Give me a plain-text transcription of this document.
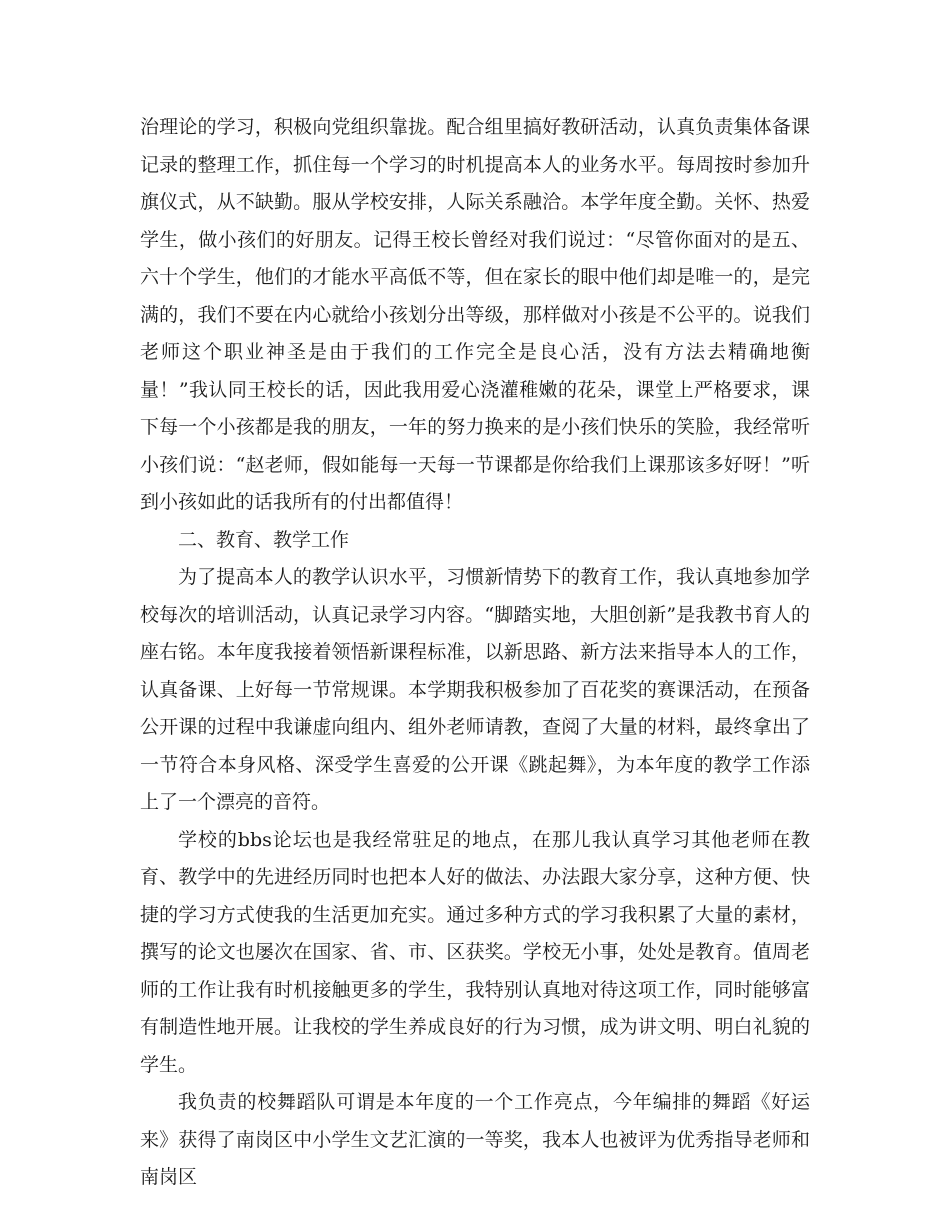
治理论的学习，积极向党组织靠拢。配合组里搞好教研活动，认真负责集体备课记录的整理工作，抓住每一个学习的时机提高本人的业务水平。每周按时参加升旗仪式，从不缺勤。服从学校安排，人际关系融洽。本学年度全勤。关怀、热爱学生，做小孩们的好朋友。记得王校长曾经对我们说过：“尽管你面对的是五、六十个学生，他们的才能水平高低不等，但在家长的眼中他们却是唯一的，是完满的，我们不要在内心就给小孩划分出等级，那样做对小孩是不公平的。说我们老师这个职业神圣是由于我们的工作完全是良心活，没有方法去精确地衡量！”我认同王校长的话，因此我用爱心浇灌稚嫩的花朵，课堂上严格要求，课下每一个小孩都是我的朋友，一年的努力换来的是小孩们快乐的笑脸，我经常听小孩们说：“赵老师，假如能每一天每一节课都是你给我们上课那该多好呀！”听到小孩如此的话我所有的付出都值得！

二、教育、教学工作

为了提高本人的教学认识水平，习惯新情势下的教育工作，我认真地参加学校每次的培训活动，认真记录学习内容。“脚踏实地，大胆创新”是我教书育人的座右铭。本年度我接着领悟新课程标准，以新思路、新方法来指导本人的工作，认真备课、上好每一节常规课。本学期我积极参加了百花奖的赛课活动，在预备公开课的过程中我谦虚向组内、组外老师请教，查阅了大量的材料，最终拿出了一节符合本身风格、深受学生喜爱的公开课《跳起舞》，为本年度的教学工作添上了一个漂亮的音符。

学校的bbs论坛也是我经常驻足的地点，在那儿我认真学习其他老师在教育、教学中的先进经历同时也把本人好的做法、办法跟大家分享，这种方便、快捷的学习方式使我的生活更加充实。通过多种方式的学习我积累了大量的素材，撰写的论文也屡次在国家、省、市、区获奖。学校无小事，处处是教育。值周老师的工作让我有时机接触更多的学生，我特别认真地对待这项工作，同时能够富有制造性地开展。让我校的学生养成良好的行为习惯，成为讲文明、明白礼貌的学生。

我负责的校舞蹈队可谓是本年度的一个工作亮点，今年编排的舞蹈《好运来》获得了南岗区中小学生文艺汇演的一等奖，我本人也被评为优秀指导老师和南岗区
